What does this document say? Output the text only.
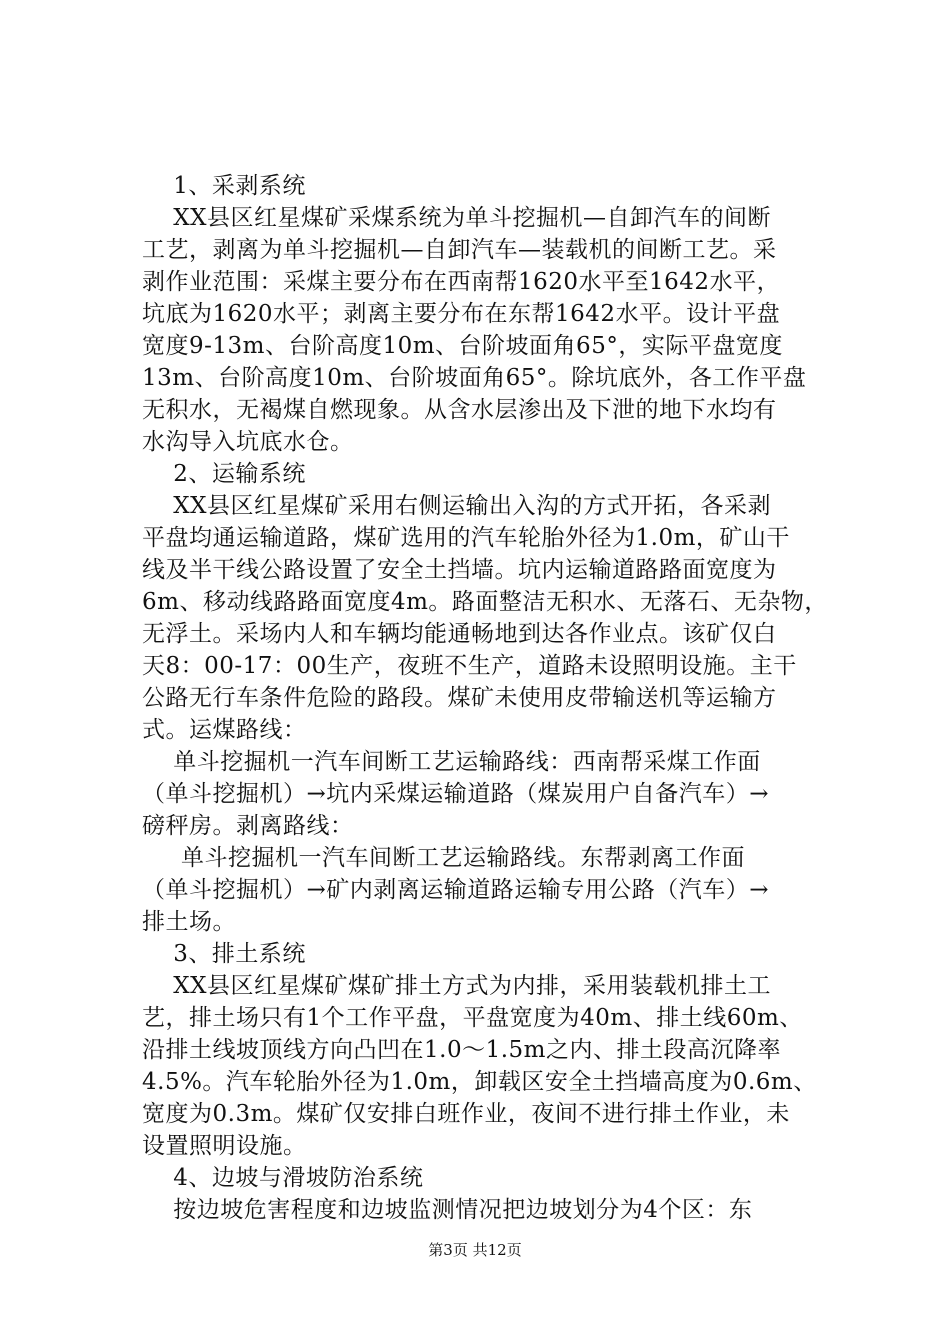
1、采剥系统
XX县区红星煤矿采煤系统为单斗挖掘机—自卸汽车的间断
工艺，剥离为单斗挖掘机—自卸汽车—装载机的间断工艺。采
剥作业范围：采煤主要分布在西南帮1620水平至1642水平，
坑底为1620水平；剥离主要分布在东帮1642水平。设计平盘
宽度9-13m、台阶高度10m、台阶坡面角65°，实际平盘宽度
13m、台阶高度10m、台阶坡面角65°。除坑底外，各工作平盘
无积水，无褐煤自燃现象。从含水层渗出及下泄的地下水均有
水沟导入坑底水仓。
2、运输系统
XX县区红星煤矿采用右侧运输出入沟的方式开拓，各采剥
平盘均通运输道路，煤矿选用的汽车轮胎外径为1.0m，矿山干
线及半干线公路设置了安全土挡墙。坑内运输道路路面宽度为
6m、移动线路路面宽度4m。路面整洁无积水、无落石、无杂物，
无浮土。采场内人和车辆均能通畅地到达各作业点。该矿仅白
天8：00-17：00生产，夜班不生产，道路未设照明设施。主干
公路无行车条件危险的路段。煤矿未使用皮带输送机等运输方
式。运煤路线：
单斗挖掘机一汽车间断工艺运输路线：西南帮采煤工作面
（单斗挖掘机）→坑内采煤运输道路（煤炭用户自备汽车）→
磅秤房。剥离路线：
单斗挖掘机一汽车间断工艺运输路线。东帮剥离工作面
（单斗挖掘机）→矿内剥离运输道路运输专用公路（汽车）→
排土场。
3、排土系统
XX县区红星煤矿煤矿排土方式为内排，采用装载机排土工
艺，排土场只有1个工作平盘，平盘宽度为40m、排土线60m、
沿排土线坡顶线方向凸凹在1.0～1.5m之内、排土段高沉降率
4.5%。汽车轮胎外径为1.0m，卸载区安全土挡墙高度为0.6m、
宽度为0.3m。煤矿仅安排白班作业，夜间不进行排土作业，未
设置照明设施。
4、边坡与滑坡防治系统
按边坡危害程度和边坡监测情况把边坡划分为4个区：东
第3页 共12页
